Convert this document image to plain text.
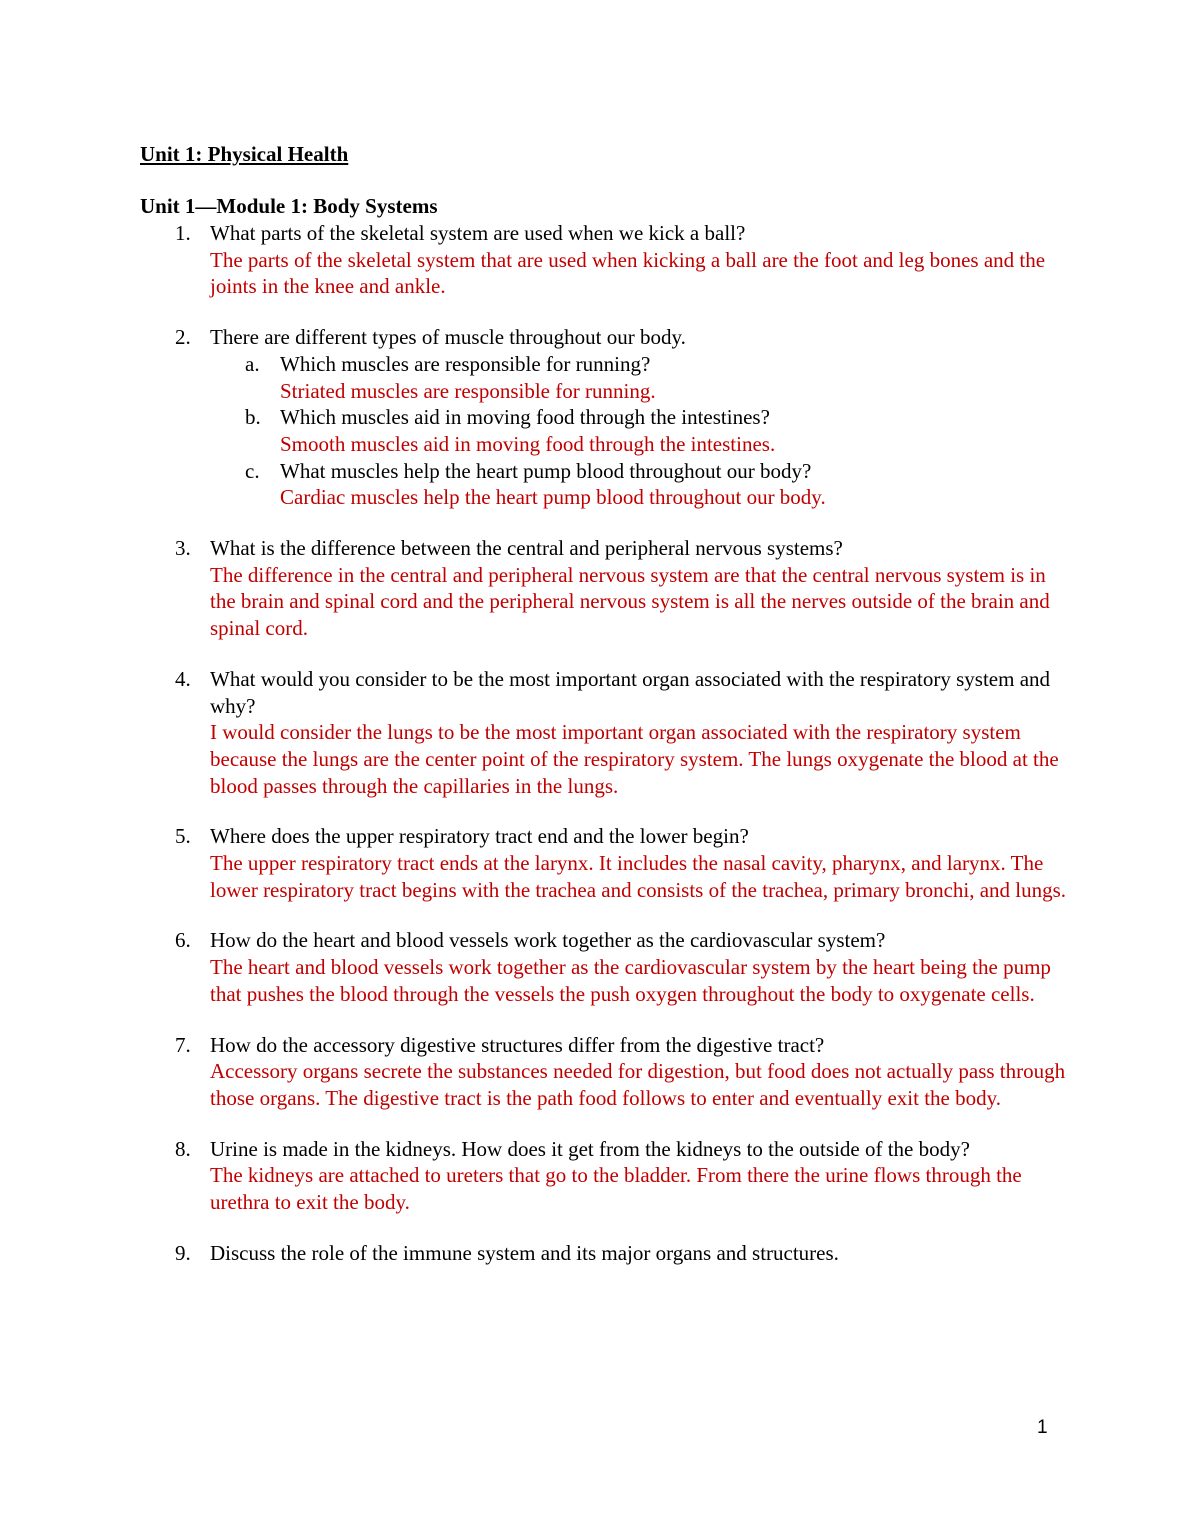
Unit 1: Physical Health
Unit 1—Module 1: Body Systems
1. What parts of the skeletal system are used when we kick a ball?
The parts of the skeletal system that are used when kicking a ball are the foot and leg bones and the joints in the knee and ankle.
2. There are different types of muscle throughout our body.
a. Which muscles are responsible for running?
Striated muscles are responsible for running.
b. Which muscles aid in moving food through the intestines?
Smooth muscles aid in moving food through the intestines.
c. What muscles help the heart pump blood throughout our body?
Cardiac muscles help the heart pump blood throughout our body.
3. What is the difference between the central and peripheral nervous systems?
The difference in the central and peripheral nervous system are that the central nervous system is in the brain and spinal cord and the peripheral nervous system is all the nerves outside of the brain and spinal cord.
4. What would you consider to be the most important organ associated with the respiratory system and why?
I would consider the lungs to be the most important organ associated with the respiratory system because the lungs are the center point of the respiratory system. The lungs oxygenate the blood at the blood passes through the capillaries in the lungs.
5. Where does the upper respiratory tract end and the lower begin?
The upper respiratory tract ends at the larynx. It includes the nasal cavity, pharynx, and larynx. The lower respiratory tract begins with the trachea and consists of the trachea, primary bronchi, and lungs.
6. How do the heart and blood vessels work together as the cardiovascular system?
The heart and blood vessels work together as the cardiovascular system by the heart being the pump that pushes the blood through the vessels the push oxygen throughout the body to oxygenate cells.
7. How do the accessory digestive structures differ from the digestive tract?
Accessory organs secrete the substances needed for digestion, but food does not actually pass through those organs. The digestive tract is the path food follows to enter and eventually exit the body.
8. Urine is made in the kidneys. How does it get from the kidneys to the outside of the body?
The kidneys are attached to ureters that go to the bladder. From there the urine flows through the urethra to exit the body.
9. Discuss the role of the immune system and its major organs and structures.
1
